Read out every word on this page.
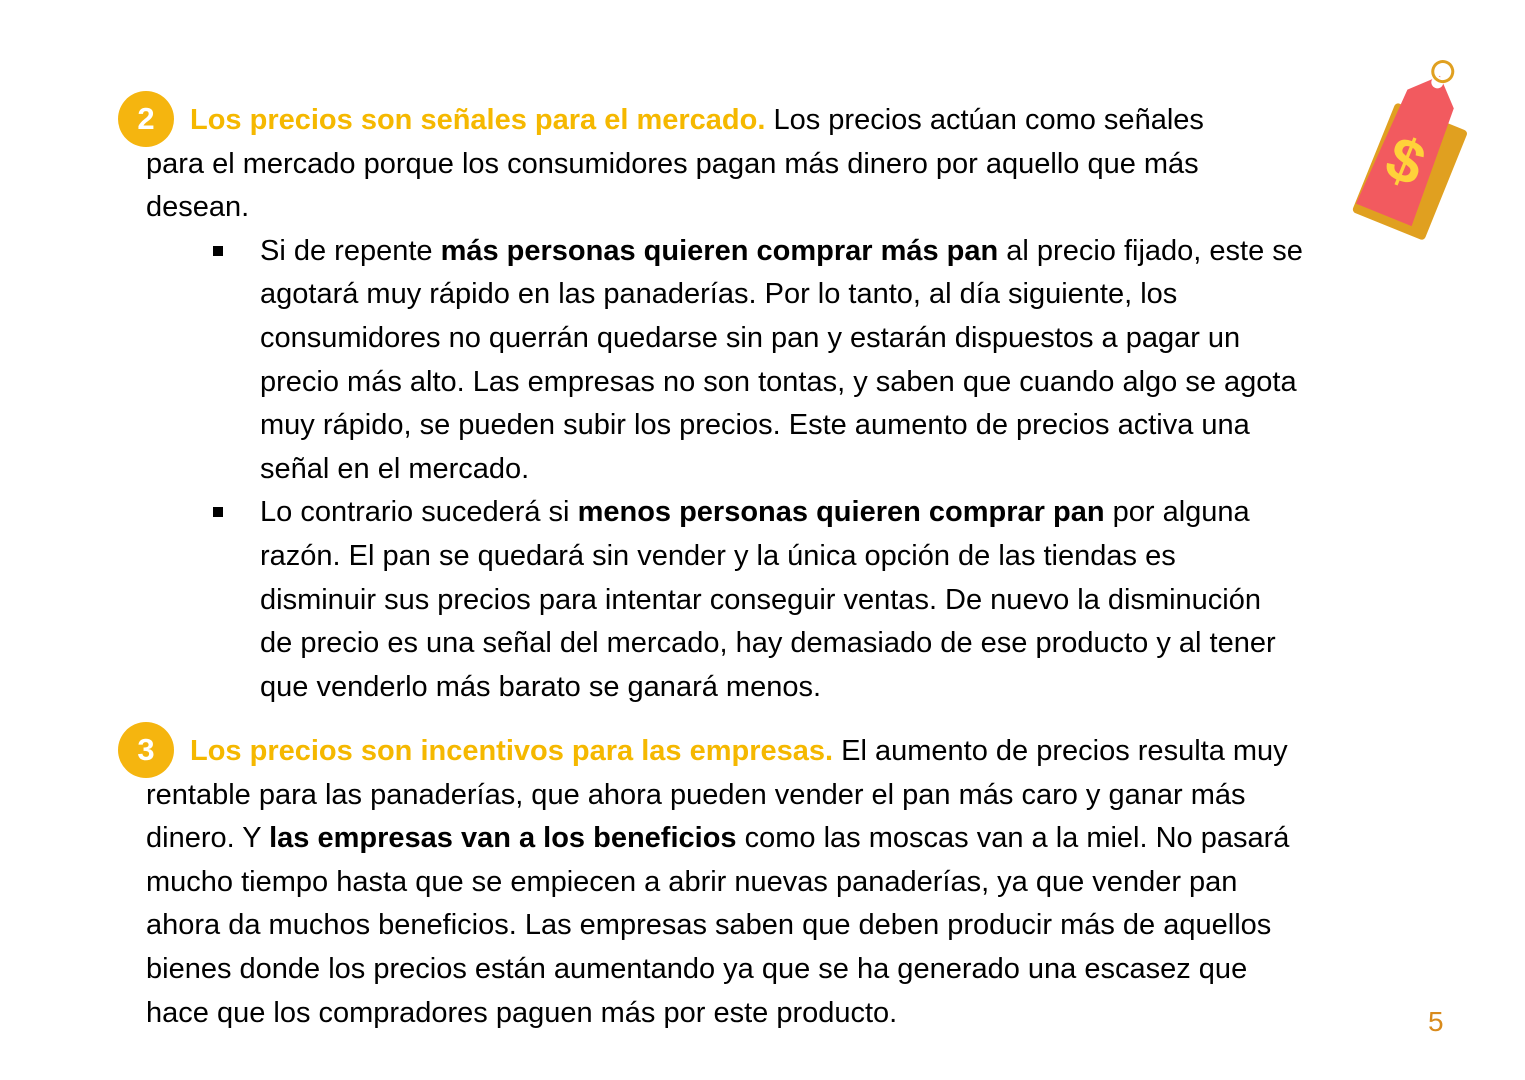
$
2	Los precios son señales para el mercado. Los precios actúan como señales
para el mercado porque los consumidores pagan más dinero por aquello que más
desean.
Si de repente más personas quieren comprar más pan al precio fijado, este se
agotará muy rápido en las panaderías. Por lo tanto, al día siguiente, los
consumidores no querrán quedarse sin pan y estarán dispuestos a pagar un
precio más alto. Las empresas no son tontas, y saben que cuando algo se agota
muy rápido, se pueden subir los precios. Este aumento de precios activa una
señal en el mercado.
Lo contrario sucederá si menos personas quieren comprar pan por alguna
razón. El pan se quedará sin vender y la única opción de las tiendas es
disminuir sus precios para intentar conseguir ventas. De nuevo la disminución
de precio es una señal del mercado, hay demasiado de ese producto y al tener
que venderlo más barato se ganará menos.
3	Los precios son incentivos para las empresas. El aumento de precios resulta muy
rentable para las panaderías, que ahora pueden vender el pan más caro y ganar más
dinero. Y las empresas van a los beneficios como las moscas van a la miel. No pasará
mucho tiempo hasta que se empiecen a abrir nuevas panaderías, ya que vender pan
ahora da muchos beneficios. Las empresas saben que deben producir más de aquellos
bienes donde los precios están aumentando ya que se ha generado una escasez que
hace que los compradores paguen más por este producto.	5
